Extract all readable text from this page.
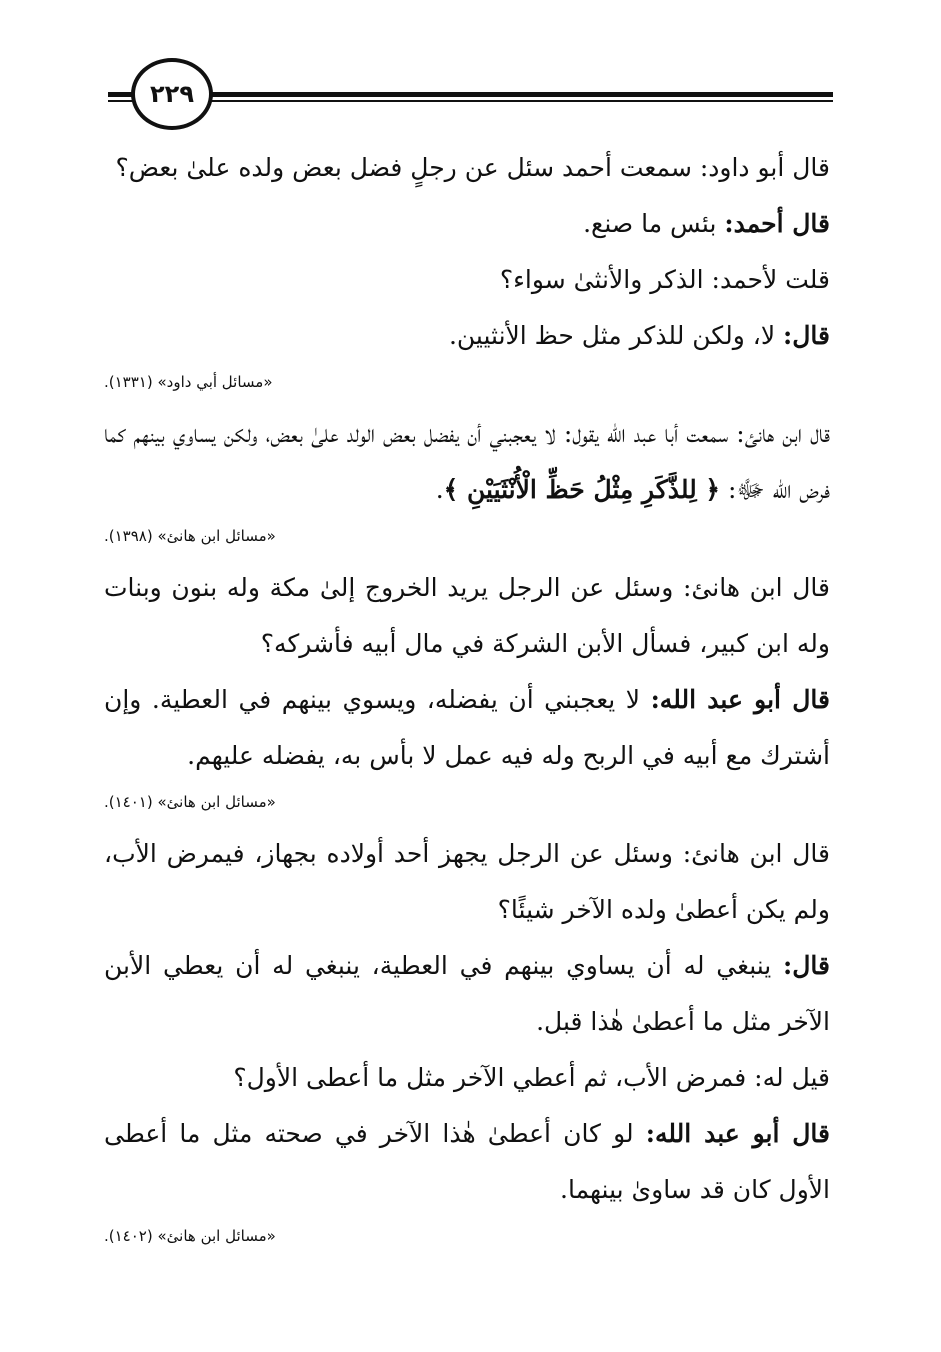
٢٢٩

قال أبو داود: سمعت أحمد سئل عن رجلٍ فضل بعض ولده علىٰ بعض؟

قال أحمد: بئس ما صنع.

قلت لأحمد: الذكر والأنثىٰ سواء؟

قال: لا، ولكن للذكر مثل حظ الأنثيين.

«مسائل أبي داود» (١٣٣١).

قال ابن هانئ: سمعت أبا عبد الله يقول: لا يعجبني أن يفضل بعض الولد علىٰ بعض، ولكن يساوي بينهم كما فرض الله ﷻ: ﴿ لِلذَّكَرِ مِثْلُ حَظِّ الْأُنْثَيَيْنِ ﴾.

«مسائل ابن هانئ» (١٣٩٨).

قال ابن هانئ: وسئل عن الرجل يريد الخروج إلىٰ مكة وله بنون وبنات وله ابن كبير، فسأل الأبن الشركة في مال أبيه فأشركه؟

قال أبو عبد الله: لا يعجبني أن يفضله، ويسوي بينهم في العطية. وإن أشترك مع أبيه في الربح وله فيه عمل لا بأس به، يفضله عليهم.

«مسائل ابن هانئ» (١٤٠١).

قال ابن هانئ: وسئل عن الرجل يجهز أحد أولاده بجهاز، فيمرض الأب، ولم يكن أعطىٰ ولده الآخر شيئًا؟

قال: ينبغي له أن يساوي بينهم في العطية، ينبغي له أن يعطي الأبن الآخر مثل ما أعطىٰ هٰذا قبل.

قيل له: فمرض الأب، ثم أعطي الآخر مثل ما أعطى الأول؟

قال أبو عبد الله: لو كان أعطىٰ هٰذا الآخر في صحته مثل ما أعطى الأول كان قد ساوىٰ بينهما.

«مسائل ابن هانئ» (١٤٠٢).
